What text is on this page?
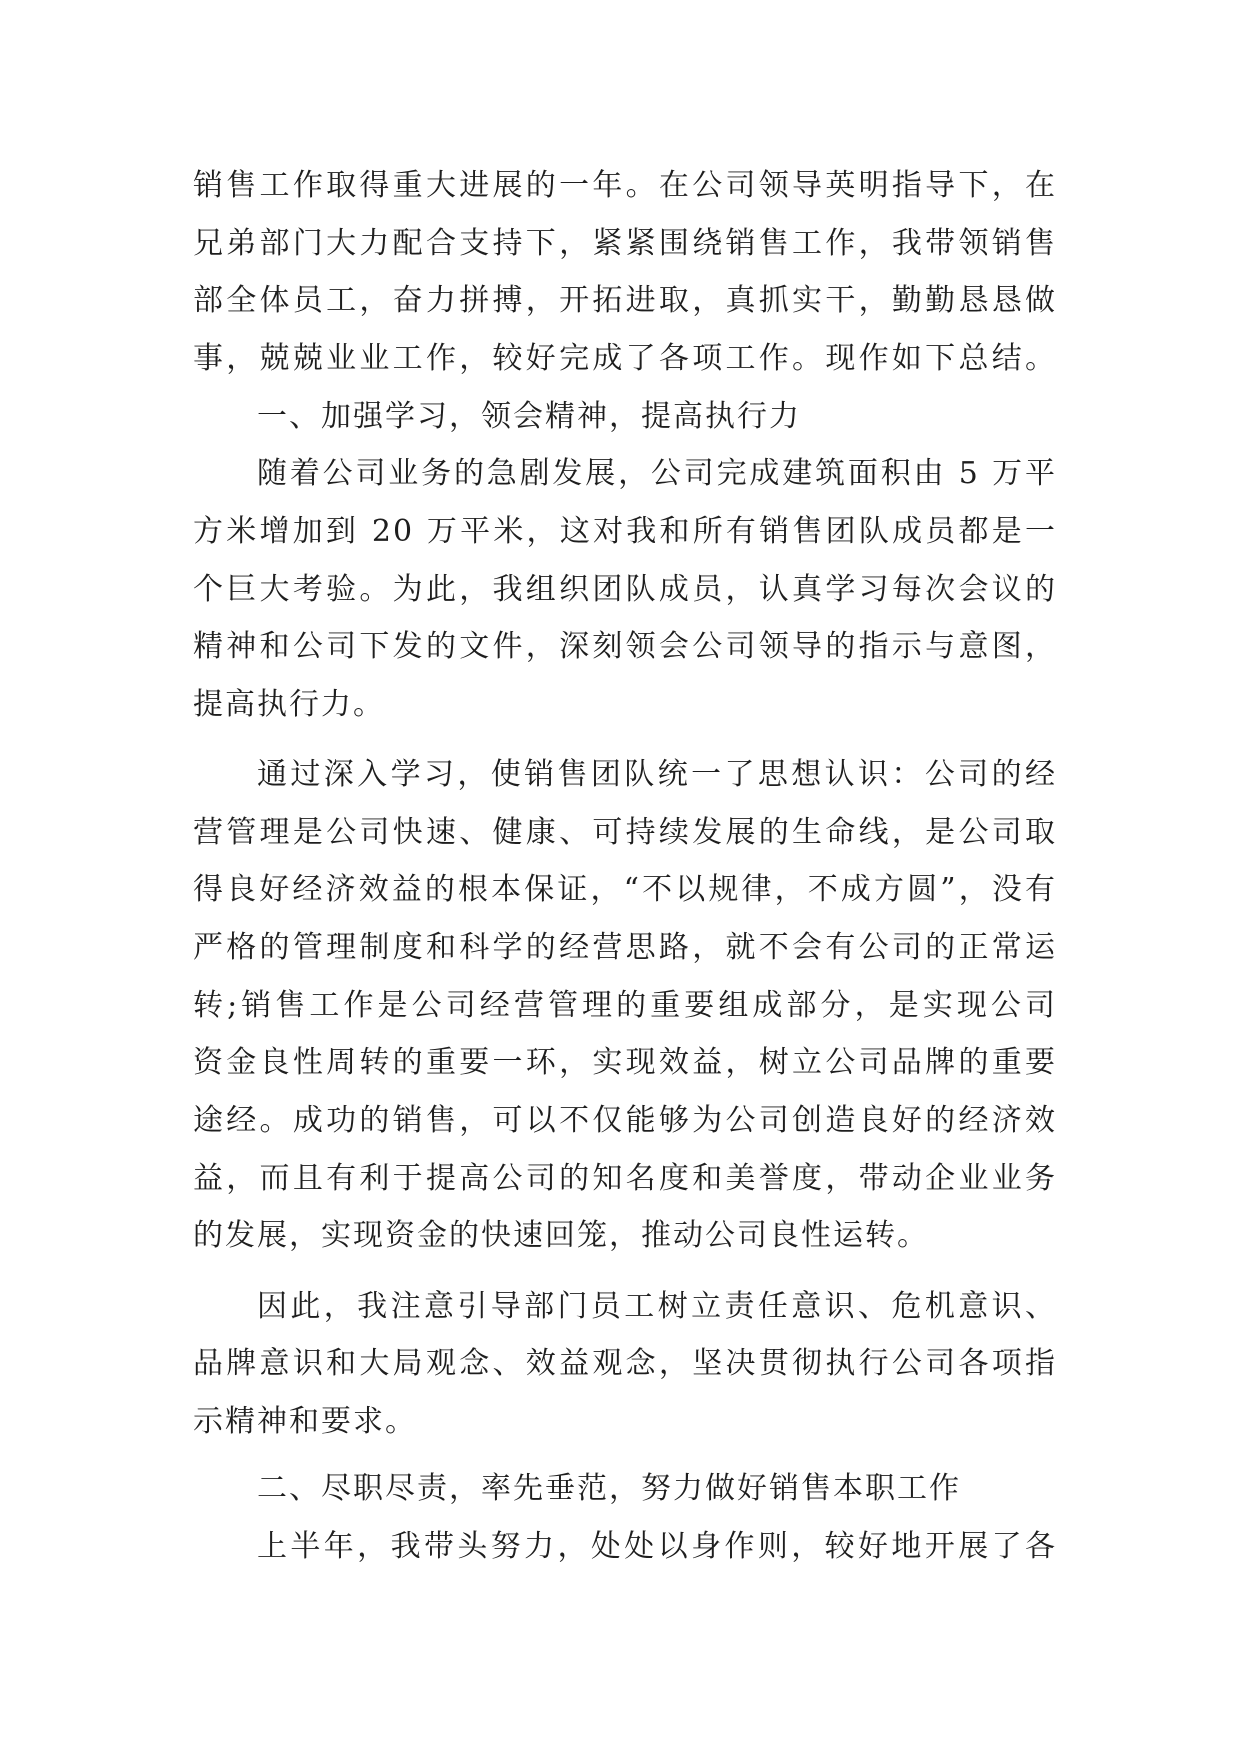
销售工作取得重大进展的一年。在公司领导英明指导下，在
兄弟部门大力配合支持下，紧紧围绕销售工作，我带领销售
部全体员工，奋力拼搏，开拓进取，真抓实干，勤勤恳恳做
事，兢兢业业工作，较好完成了各项工作。现作如下总结。
一、加强学习，领会精神，提高执行力
随着公司业务的急剧发展，公司完成建筑面积由 5 万平
方米增加到 20 万平米，这对我和所有销售团队成员都是一
个巨大考验。为此，我组织团队成员，认真学习每次会议的
精神和公司下发的文件，深刻领会公司领导的指示与意图，
提高执行力。
通过深入学习，使销售团队统一了思想认识：公司的经
营管理是公司快速、健康、可持续发展的生命线，是公司取
得良好经济效益的根本保证，“不以规律，不成方圆”，没有
严格的管理制度和科学的经营思路，就不会有公司的正常运
转;销售工作是公司经营管理的重要组成部分，是实现公司
资金良性周转的重要一环，实现效益，树立公司品牌的重要
途经。成功的销售，可以不仅能够为公司创造良好的经济效
益，而且有利于提高公司的知名度和美誉度，带动企业业务
的发展，实现资金的快速回笼，推动公司良性运转。
因此，我注意引导部门员工树立责任意识、危机意识、
品牌意识和大局观念、效益观念，坚决贯彻执行公司各项指
示精神和要求。
二、尽职尽责，率先垂范，努力做好销售本职工作
上半年，我带头努力，处处以身作则，较好地开展了各
